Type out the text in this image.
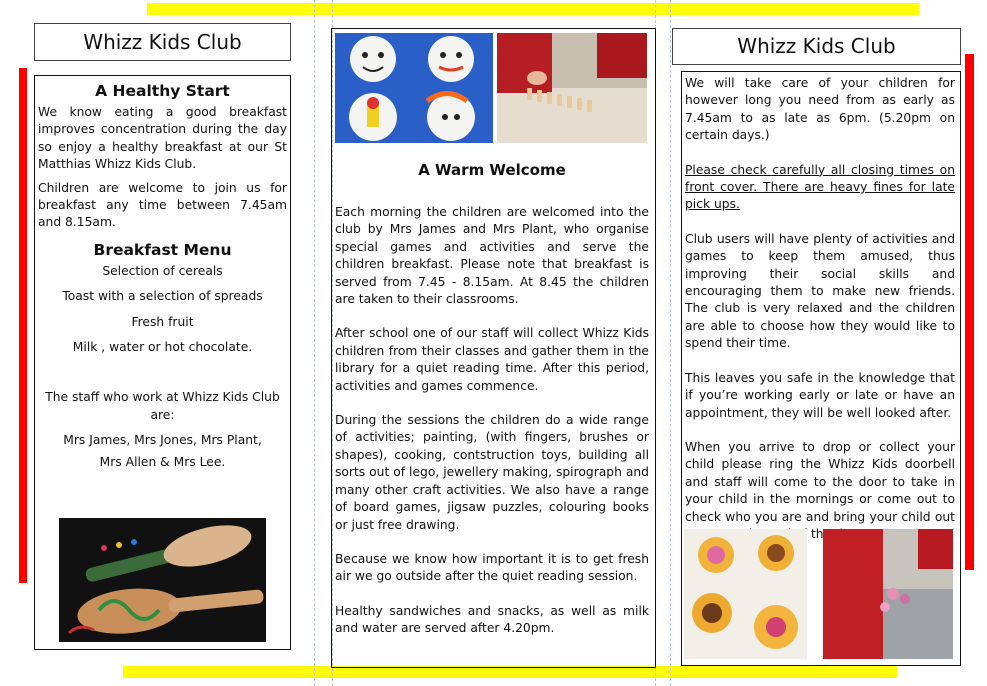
Whizz Kids Club
A Healthy Start

We know eating a good breakfast improves concentration during the day so enjoy a healthy breakfast at our St Matthias Whizz Kids Club.

Children are welcome to join us for breakfast any time between 7.45am and 8.15am.

Breakfast Menu

Selection of cereals

Toast with a selection of spreads

Fresh fruit

Milk , water or hot chocolate.

The staff who work at Whizz Kids Club are:

Mrs James, Mrs Jones, Mrs Plant,

Mrs Allen & Mrs Lee.

A Warm Welcome

Each morning the children are welcomed into the club by Mrs James and Mrs Plant, who organise special games and activities and serve the children breakfast. Please note that breakfast is served from 7.45 - 8.15am. At 8.45 the children are taken to their classrooms.

After school one of our staff will collect Whizz Kids children from their classes and gather them in the library for a quiet reading time. After this period, activities and games commence.

During the sessions the children do a wide range of activities; painting, (with fingers, brushes or shapes), cooking, contstruction toys, building all sorts out of lego, jewellery making, spirograph and many other craft activities. We also have a range of board games, jigsaw puzzles, colouring books or just free drawing.

Because we know how important it is to get fresh air we go outside after the quiet reading session.

Healthy sandwiches and snacks, as well as milk and water are served after 4.20pm.

Whizz Kids Club

We will take care of your children for however long you need from as early as 7.45am to as late as 6pm. (5.20pm on certain days.)

Please check carefully all closing times on front cover. There are heavy fines for late pick ups.

Club users will have plenty of activities and games to keep them amused, thus improving their social skills and encouraging them to make new friends. The club is very relaxed and the children are able to choose how they would like to spend their time.

This leaves you safe in the knowledge that if you’re working early or late or have an appointment, they will be well looked after.

When you arrive to drop or collect your child please ring the Whizz Kids doorbell and staff will come to the door to take in your child in the mornings or come out to check who you are and bring your child out the
